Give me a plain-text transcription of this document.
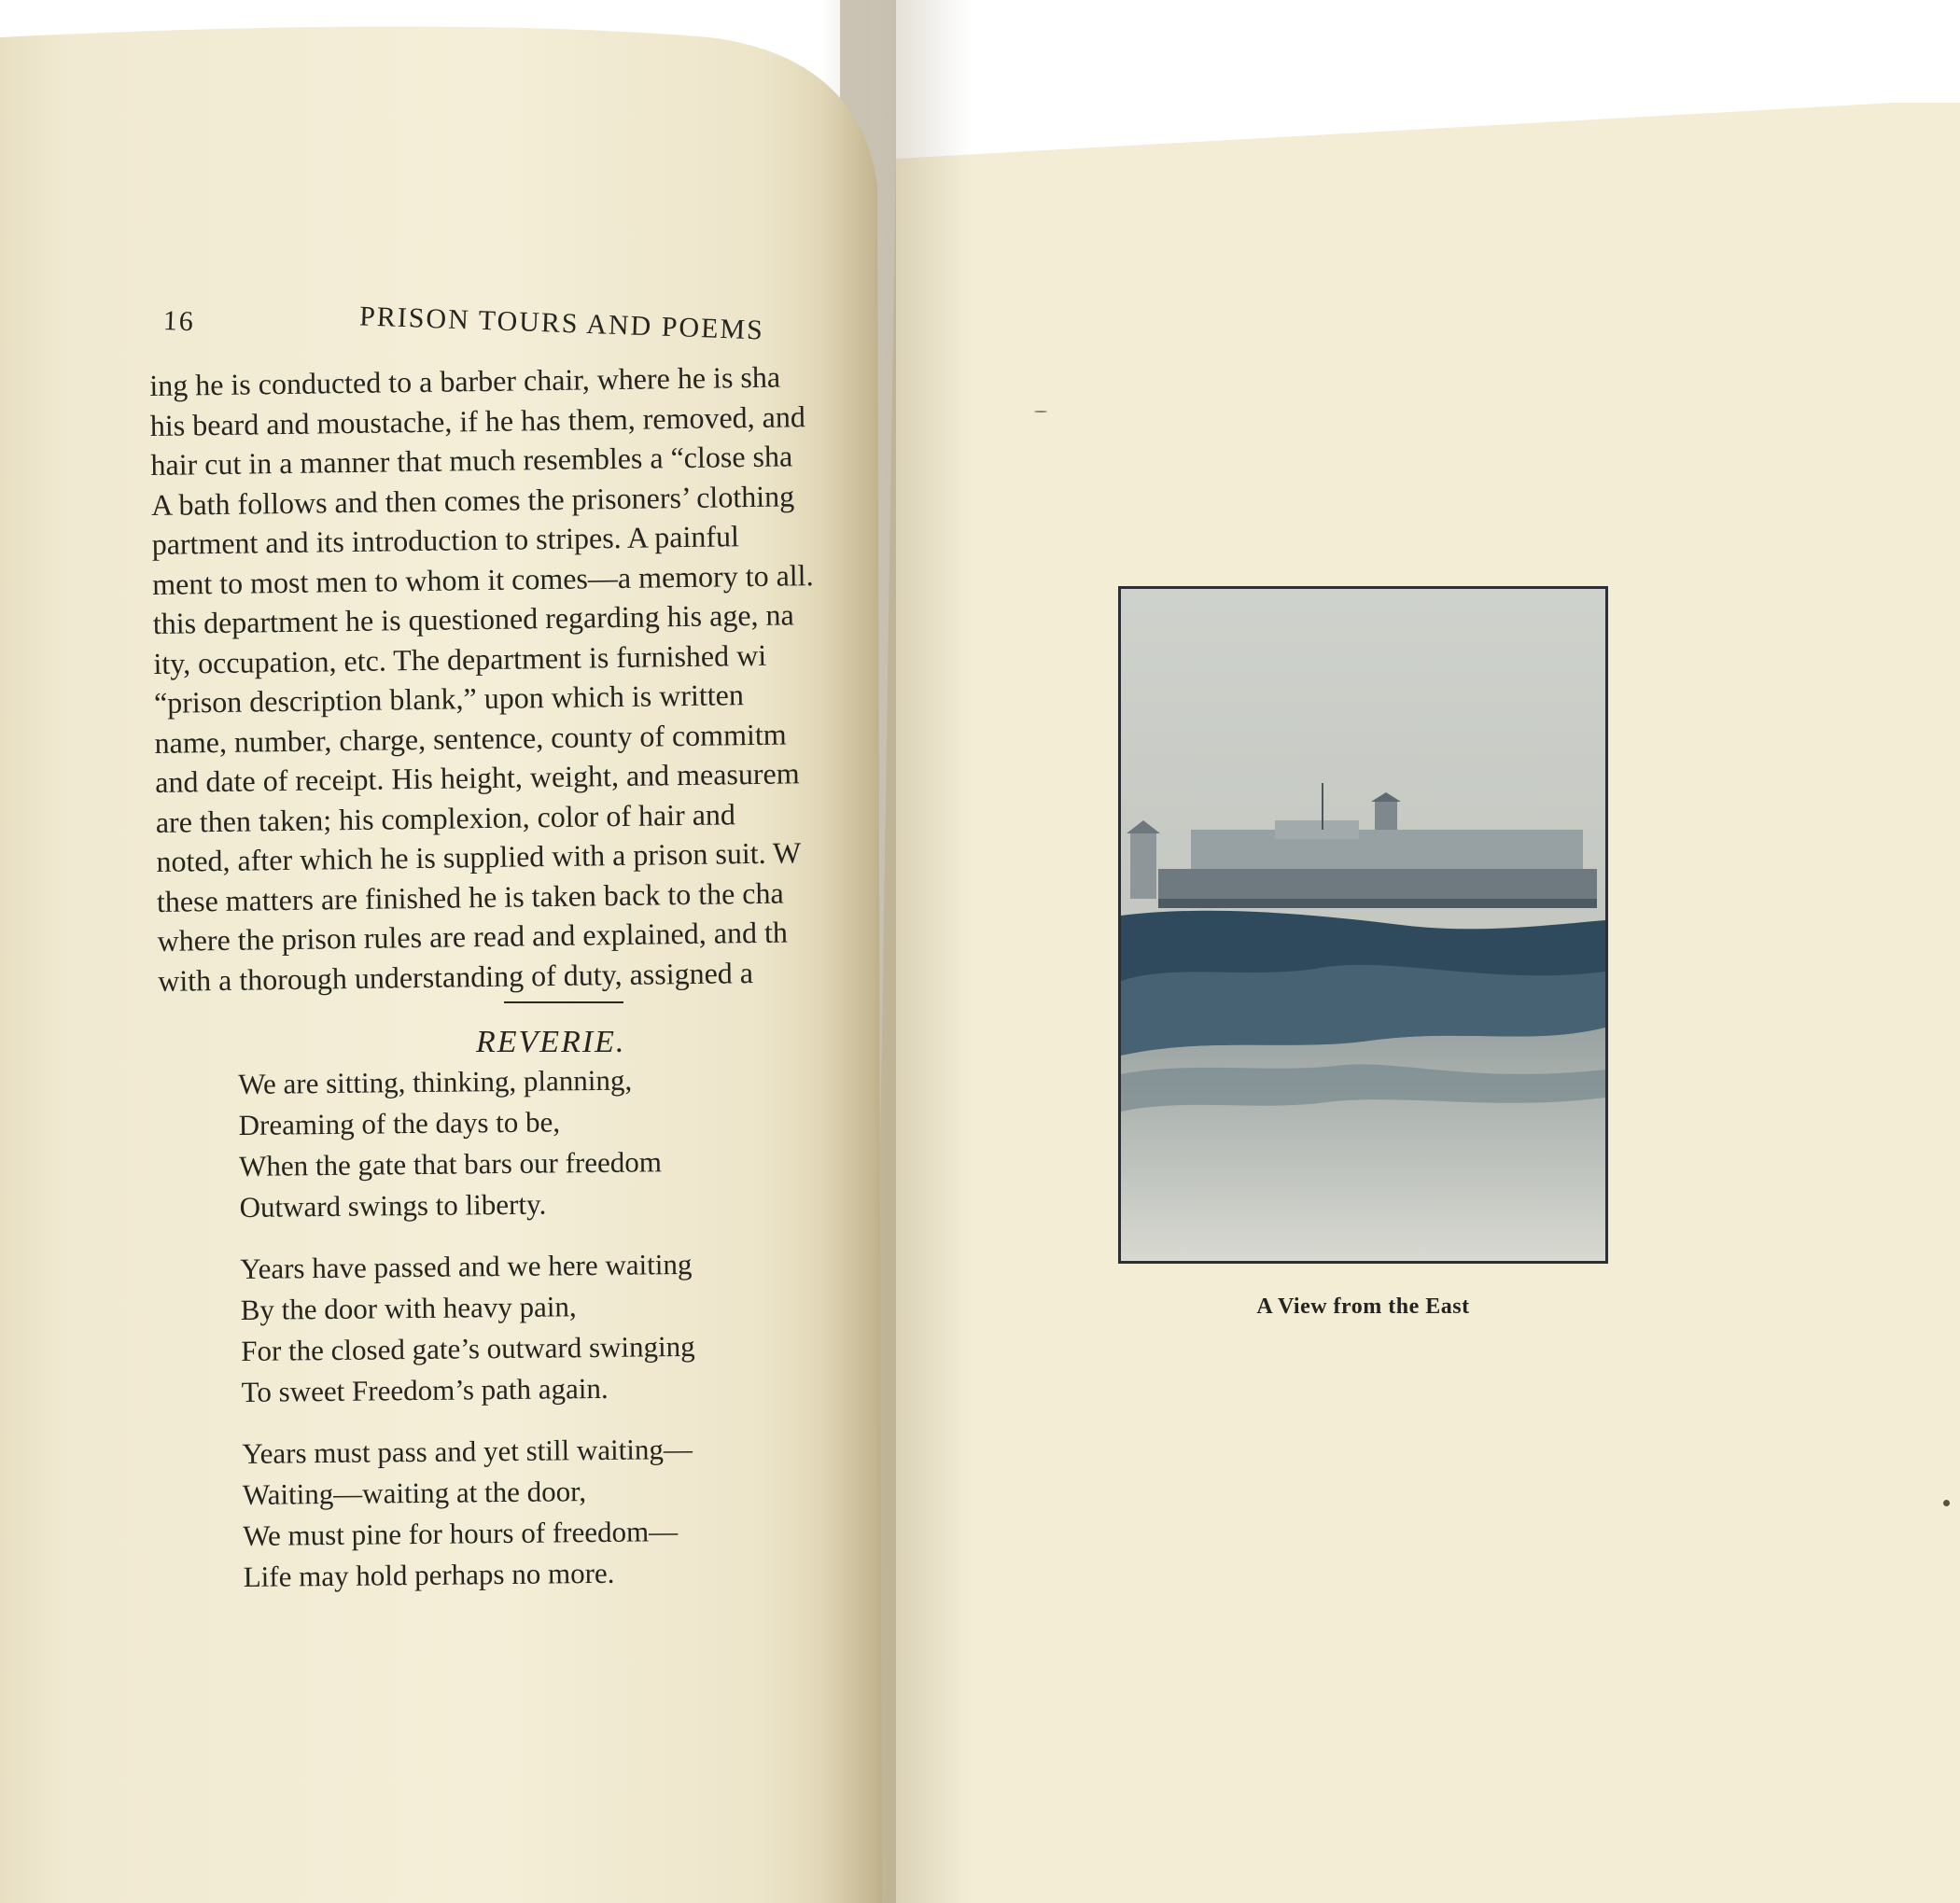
16	PRISON TOURS AND POEMS
ing he is conducted to a barber chair, where he is sha
his beard and moustache, if he has them, removed, and
hair cut in a manner that much resembles a “close sha
A bath follows and then comes the prisoners’ clothing
partment and its introduction to stripes. A painful
ment to most men to whom it comes—a memory to all.
this department he is questioned regarding his age, na
ity, occupation, etc. The department is furnished wi
“prison description blank,” upon which is written
name, number, charge, sentence, county of commitm
and date of receipt. His height, weight, and measurem
are then taken; his complexion, color of hair and
noted, after which he is supplied with a prison suit. W
these matters are finished he is taken back to the cha
where the prison rules are read and explained, and th
with a thorough understanding of duty, assigned a
REVERIE.
We are sitting, thinking, planning,
Dreaming of the days to be,
When the gate that bars our freedom
Outward swings to liberty.
Years have passed and we here waiting
By the door with heavy pain,
For the closed gate’s outward swinging
To sweet Freedom’s path again.
Years must pass and yet still waiting—
Waiting—waiting at the door,
We must pine for hours of freedom—
Life may hold perhaps no more.
A View from the East
